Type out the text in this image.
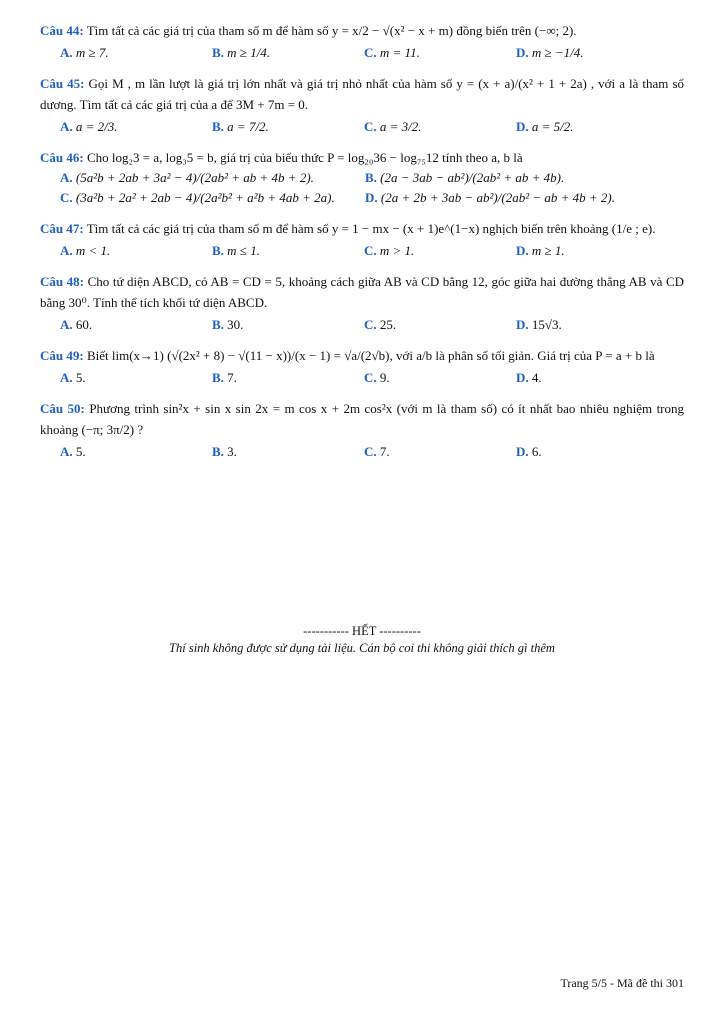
Câu 44: Tìm tất cả các giá trị của tham số m để hàm số y = x/2 − √(x² − x + m) đồng biến trên (−∞; 2).

A. m ≥ 7.	B. m ≥ 1/4.	C. m = 11.	D. m ≥ −1/4.

Câu 45: Gọi M , m lần lượt là giá trị lớn nhất và giá trị nhỏ nhất của hàm số y = (x + a)/(x² + 1 + 2a) , với a là tham số dương. Tìm tất cả các giá trị của a để 3M + 7m = 0.

A. a = 2/3.	B. a = 7/2.	C. a = 3/2.	D. a = 5/2.

Câu 46: Cho log₂3 = a, log₃5 = b, giá trị của biểu thức P = log₂₀36 − log₇₅12 tính theo a, b là

A. (5a²b + 2ab + 3a² − 4)/(2ab² + ab + 4b + 2).	B. (2a − 3ab − ab²)/(2ab² + ab + 4b).
C. (3a²b + 2a² + 2ab − 4)/(2a²b² + a²b + 4ab + 2a).	D. (2a + 2b + 3ab − ab²)/(2ab² − ab + 4b + 2).

Câu 47: Tìm tất cả các giá trị của tham số m để hàm số y = 1 − mx − (x + 1)e^(1−x) nghịch biến trên khoảng (1/e ; e).

A. m < 1.	B. m ≤ 1.	C. m > 1.	D. m ≥ 1.

Câu 48: Cho tứ diện ABCD, có AB = CD = 5, khoảng cách giữa AB và CD bằng 12, góc giữa hai đường thẳng AB và CD bằng 30⁰. Tính thể tích khối tứ diện ABCD.

A. 60.	B. 30.	C. 25.	D. 15√3.

Câu 49: Biết lim(x→1) (√(2x² + 8) − √(11 − x))/(x − 1) = √a/(2√b), với a/b là phân số tối giản. Giá trị của P = a + b là

A. 5.	B. 7.	C. 9.	D. 4.

Câu 50: Phương trình sin²x + sin x sin 2x = m cos x + 2m cos²x (với m là tham số) có ít nhất bao nhiêu nghiệm trong khoảng (−π; 3π/2) ?

A. 5.	B. 3.	C. 7.	D. 6.
----------- HẾT ----------
Thí sinh không được sử dụng tài liệu. Cán bộ coi thi không giải thích gì thêm
Trang 5/5 - Mã đề thi 301
